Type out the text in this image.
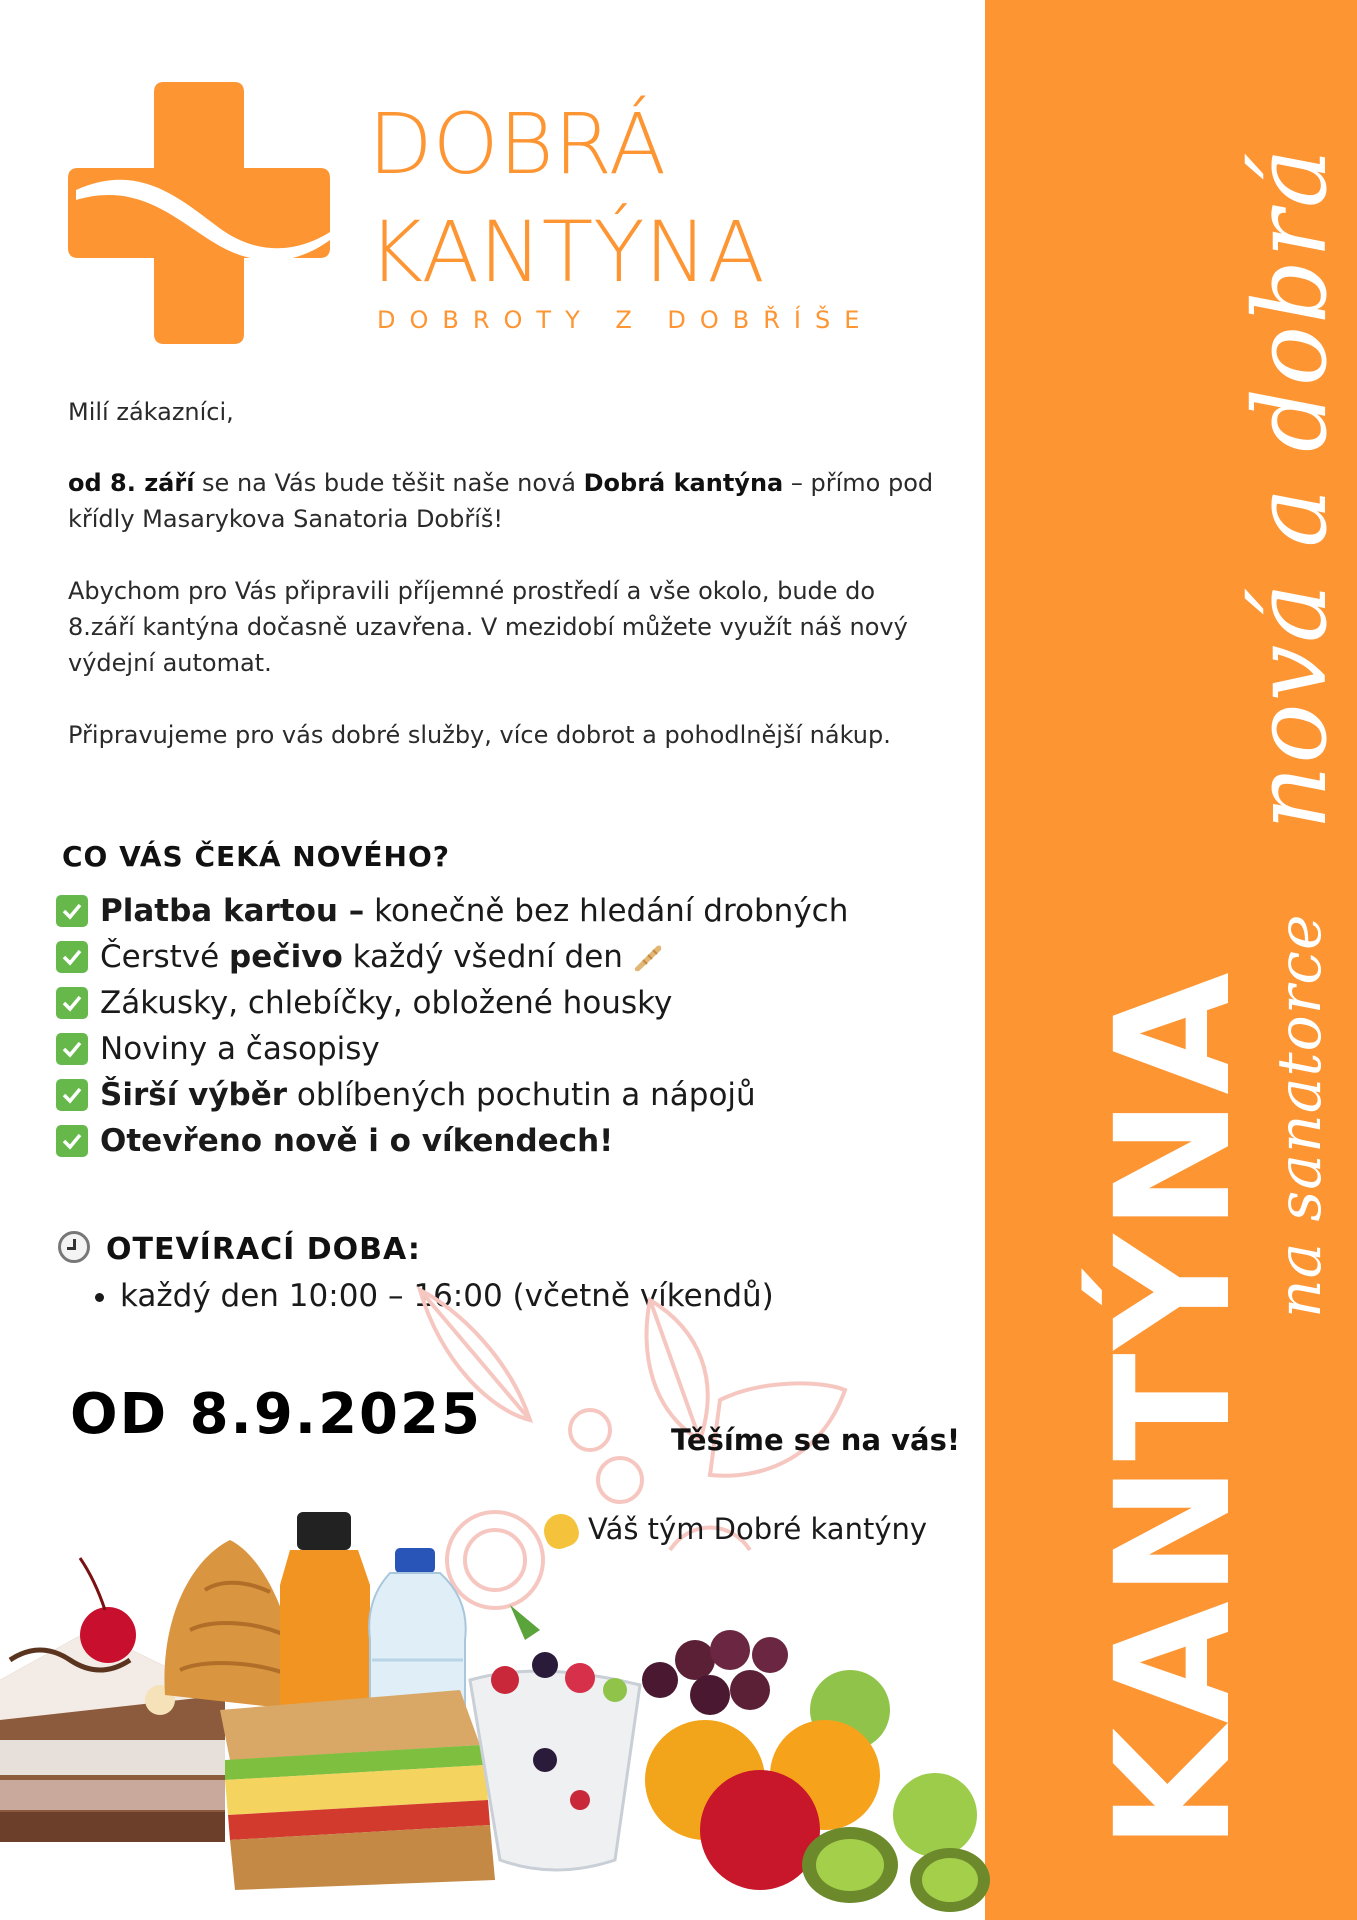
nová a dobrá
KANTÝNA na sanatorce
DOBRÁ
KANTÝNA
DOBROTY Z DOBŘÍŠE
Milí zákazníci,
od 8. září se na Vás bude těšit naše nová Dobrá kantýna – přímo pod
křídly Masarykova Sanatoria Dobříš!
Abychom pro Vás připravili příjemné prostředí a vše okolo, bude do
8.září kantýna dočasně uzavřena. V mezidobí můžete využít náš nový
výdejní automat.
Připravujeme pro vás dobré služby, více dobrot a pohodlnější nákup.
CO VÁS ČEKÁ NOVÉHO?
Platba kartou – konečně bez hledání drobných
Čerstvé pečivo každý všední den
Zákusky, chlebíčky, obložené housky
Noviny a časopisy
Širší výběr oblíbených pochutin a nápojů
Otevřeno nově i o víkendech!
OTEVÍRACÍ DOBA:
• každý den 10:00 – 16:00 (včetně víkendů)
OD 8.9.2025	Těšíme se na vás!
Váš tým Dobré kantýny
